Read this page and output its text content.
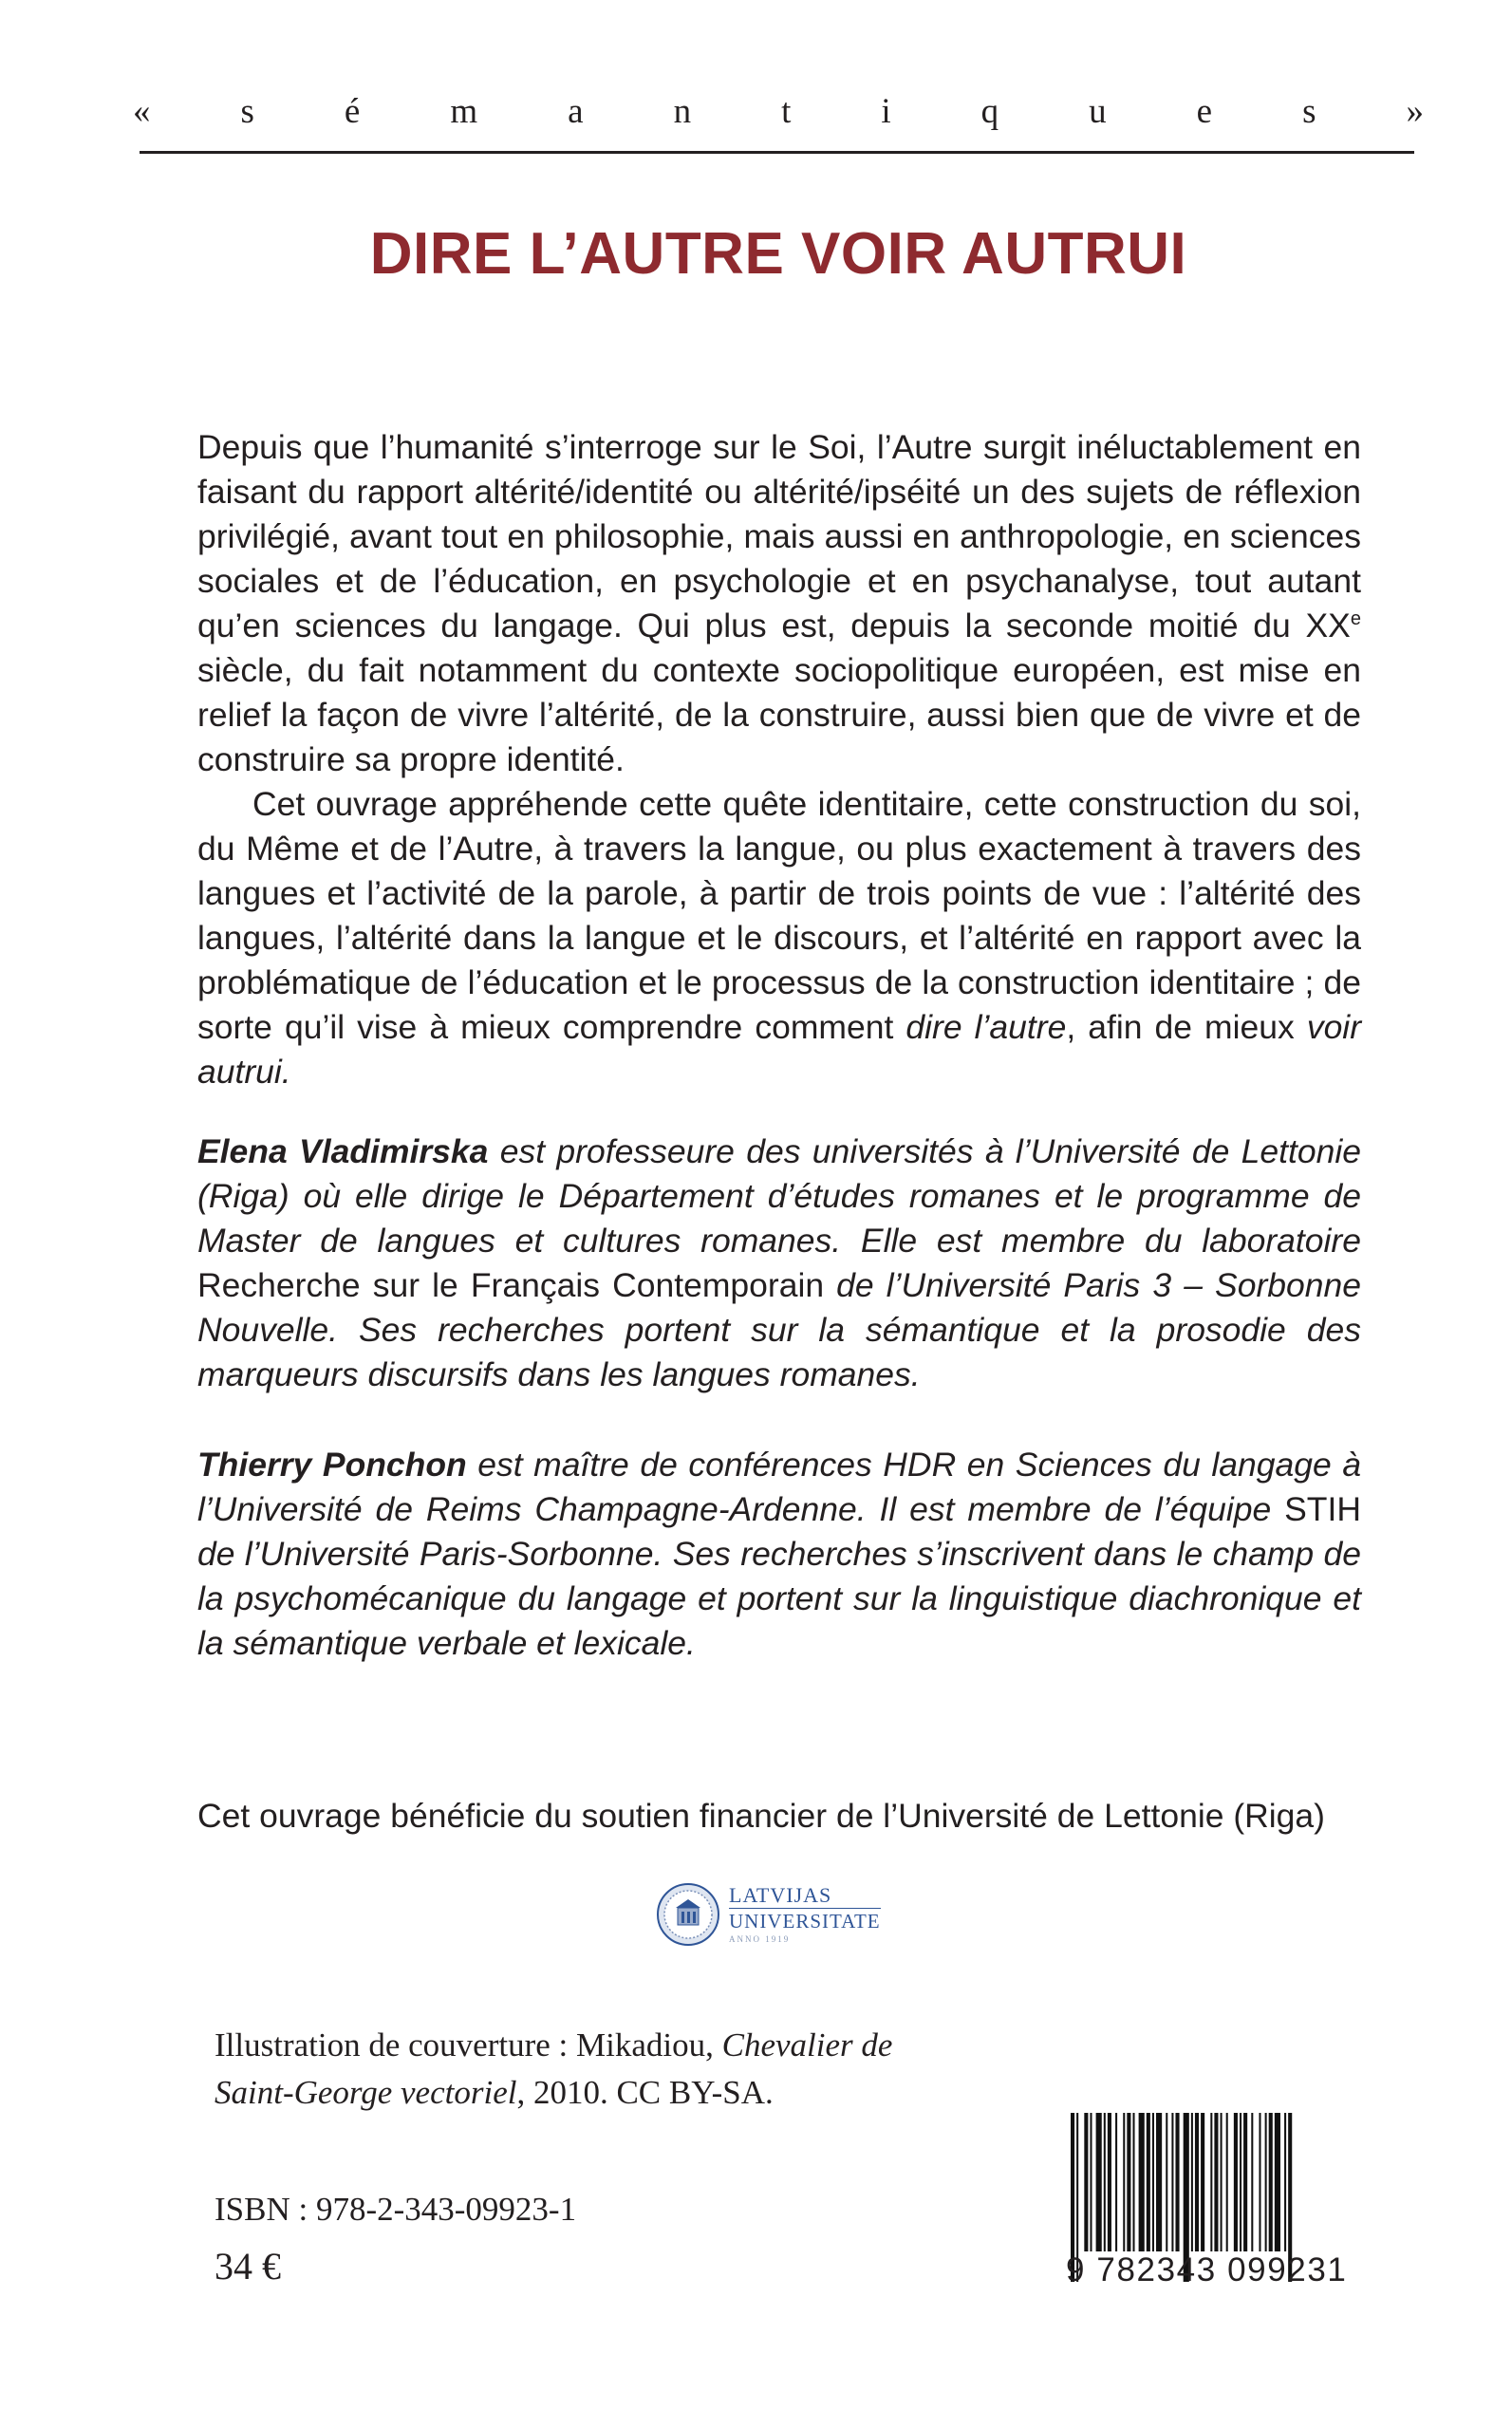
«	s	é	m	a	n	t	i	q	u	e	s	»
DIRE L’AUTRE VOIR AUTRUI

Depuis que l’humanité s’interroge sur le Soi, l’Autre surgit inéluctablement en faisant du rapport altérité/identité ou altérité/ipséité un des sujets de réflexion privilégié, avant tout en philosophie, mais aussi en anthropologie, en sciences sociales et de l’éducation, en psychologie et en psychanalyse, tout autant qu’en sciences du langage. Qui plus est, depuis la seconde moitié du XXe siècle, du fait notamment du contexte sociopolitique européen, est mise en relief la façon de vivre l’altérité, de la construire, aussi bien que de vivre et de construire sa propre identité.

Cet ouvrage appréhende cette quête identitaire, cette construction du soi, du Même et de l’Autre, à travers la langue, ou plus exactement à travers des langues et l’activité de la parole, à partir de trois points de vue : l’altérité des langues, l’altérité dans la langue et le discours, et l’altérité en rapport avec la problématique de l’éducation et le processus de la construction identitaire ; de sorte qu’il vise à mieux comprendre comment dire l’autre, afin de mieux voir autrui.

Elena Vladimirska est professeure des universités à l’Université de Lettonie (Riga) où elle dirige le Département d’études romanes et le programme de Master de langues et cultures romanes. Elle est membre du laboratoire Recherche sur le Français Contemporain de l’Université Paris 3 – Sorbonne Nouvelle. Ses recherches portent sur la sémantique et la prosodie des marqueurs discursifs dans les langues romanes.
Thierry Ponchon est maître de conférences HDR en Sciences du langage à l’Université de Reims Champagne-Ardenne. Il est membre de l’équipe STIH de l’Université Paris-Sorbonne. Ses recherches s’inscrivent dans le champ de la psychomécanique du langage et portent sur la linguistique diachronique et la sémantique verbale et lexicale.
Cet ouvrage bénéficie du soutien financier de l’Université de Lettonie (Riga)
LATVIJAS
UNIVERSITATE
ANNO 1919
Illustration de couverture : Mikadiou, Chevalier de Saint-George vectoriel, 2010. CC BY-SA.
ISBN : 978-2-343-09923-1
34 €	9 782343 099231
